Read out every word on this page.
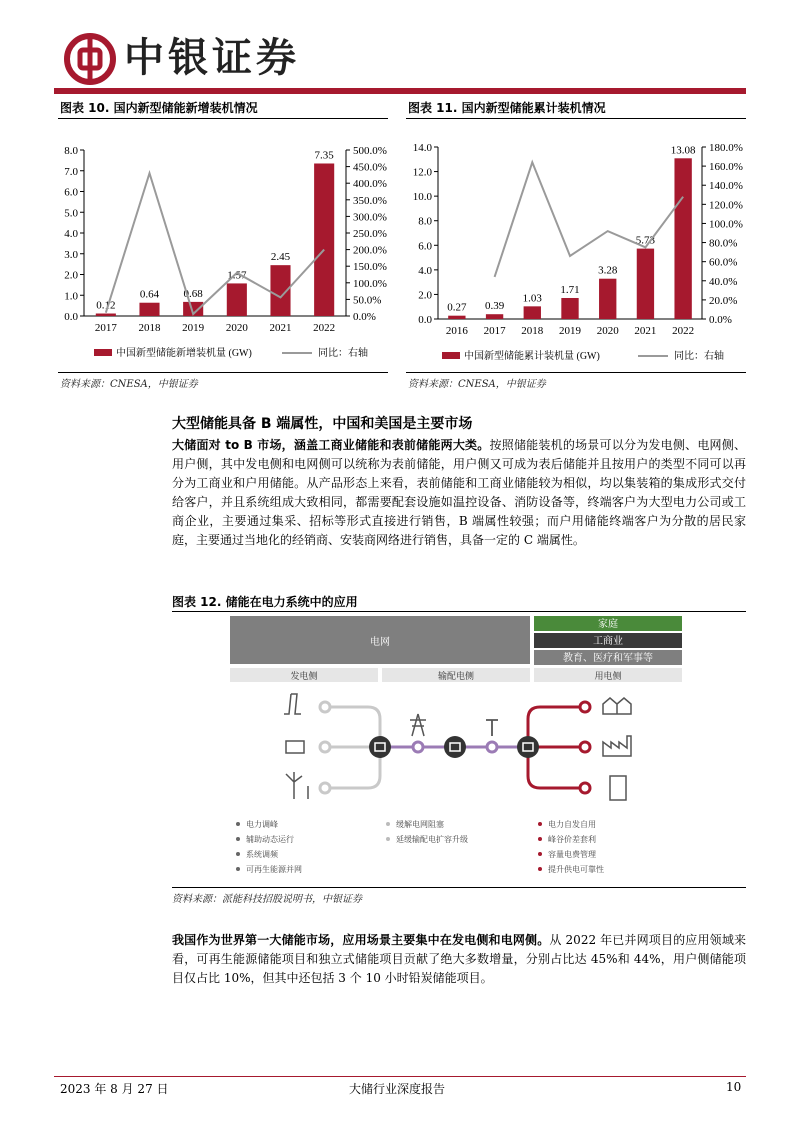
中银证券
图表 10. 国内新型储能新增装机情况
0.0
1.0
2.0
3.0
4.0
5.0
6.0
7.0
8.0
0.0%
50.0%
100.0%
150.0%
200.0%
250.0%
300.0%
350.0%
400.0%
450.0%
500.0%
0.12
2017
0.64
2018
0.68
2019
1.57
2020
2.45
2021
7.35
2022
中国新型储能新增装机量 (GW)	同比：右轴
资料来源：CNESA，中银证券
图表 11. 国内新型储能累计装机情况
0.0
2.0
4.0
6.0
8.0
10.0
12.0
14.0
0.0%
20.0%
40.0%
60.0%
80.0%
100.0%
120.0%
140.0%
160.0%
180.0%
0.27
2016
0.39
2017
1.03
2018
1.71
2019
3.28
2020
5.73
2021
13.08
2022
中国新型储能累计装机量 (GW)	同比：右轴
资料来源：CNESA，中银证券
大型储能具备 B 端属性，中国和美国是主要市场
大储面对 to B 市场，涵盖工商业储能和表前储能两大类。按照储能装机的场景可以分为发电侧、电网侧、用户侧，其中发电侧和电网侧可以统称为表前储能，用户侧又可成为表后储能并且按用户的类型不同可以再分为工商业和户用储能。从产品形态上来看，表前储能和工商业储能较为相似，均以集装箱的集成形式交付给客户，并且系统组成大致相同，都需要配套设施如温控设备、消防设备等，终端客户为大型电力公司或工商企业，主要通过集采、招标等形式直接进行销售，B 端属性较强；而户用储能终端客户为分散的居民家庭，主要通过当地化的经销商、安装商网络进行销售，具备一定的 C 端属性。
图表 12. 储能在电力系统中的应用
电网
家庭
工商业
教育、医疗和军事等
发电侧	输配电侧	用电侧
电力调峰
辅助动态运行
系统调频
可再生能源并网
缓解电网阻塞
延缓输配电扩容升级
电力自发自用
峰谷价差套利
容量电费管理
提升供电可靠性
资料来源：派能科技招股说明书，中银证券
我国作为世界第一大储能市场，应用场景主要集中在发电侧和电网侧。从 2022 年已并网项目的应用领域来看，可再生能源储能项目和独立式储能项目贡献了绝大多数增量，分别占比达 45%和 44%，用户侧储能项目仅占比 10%，但其中还包括 3 个 10 小时铅炭储能项目。
2023 年 8 月 27 日	大储行业深度报告	10
